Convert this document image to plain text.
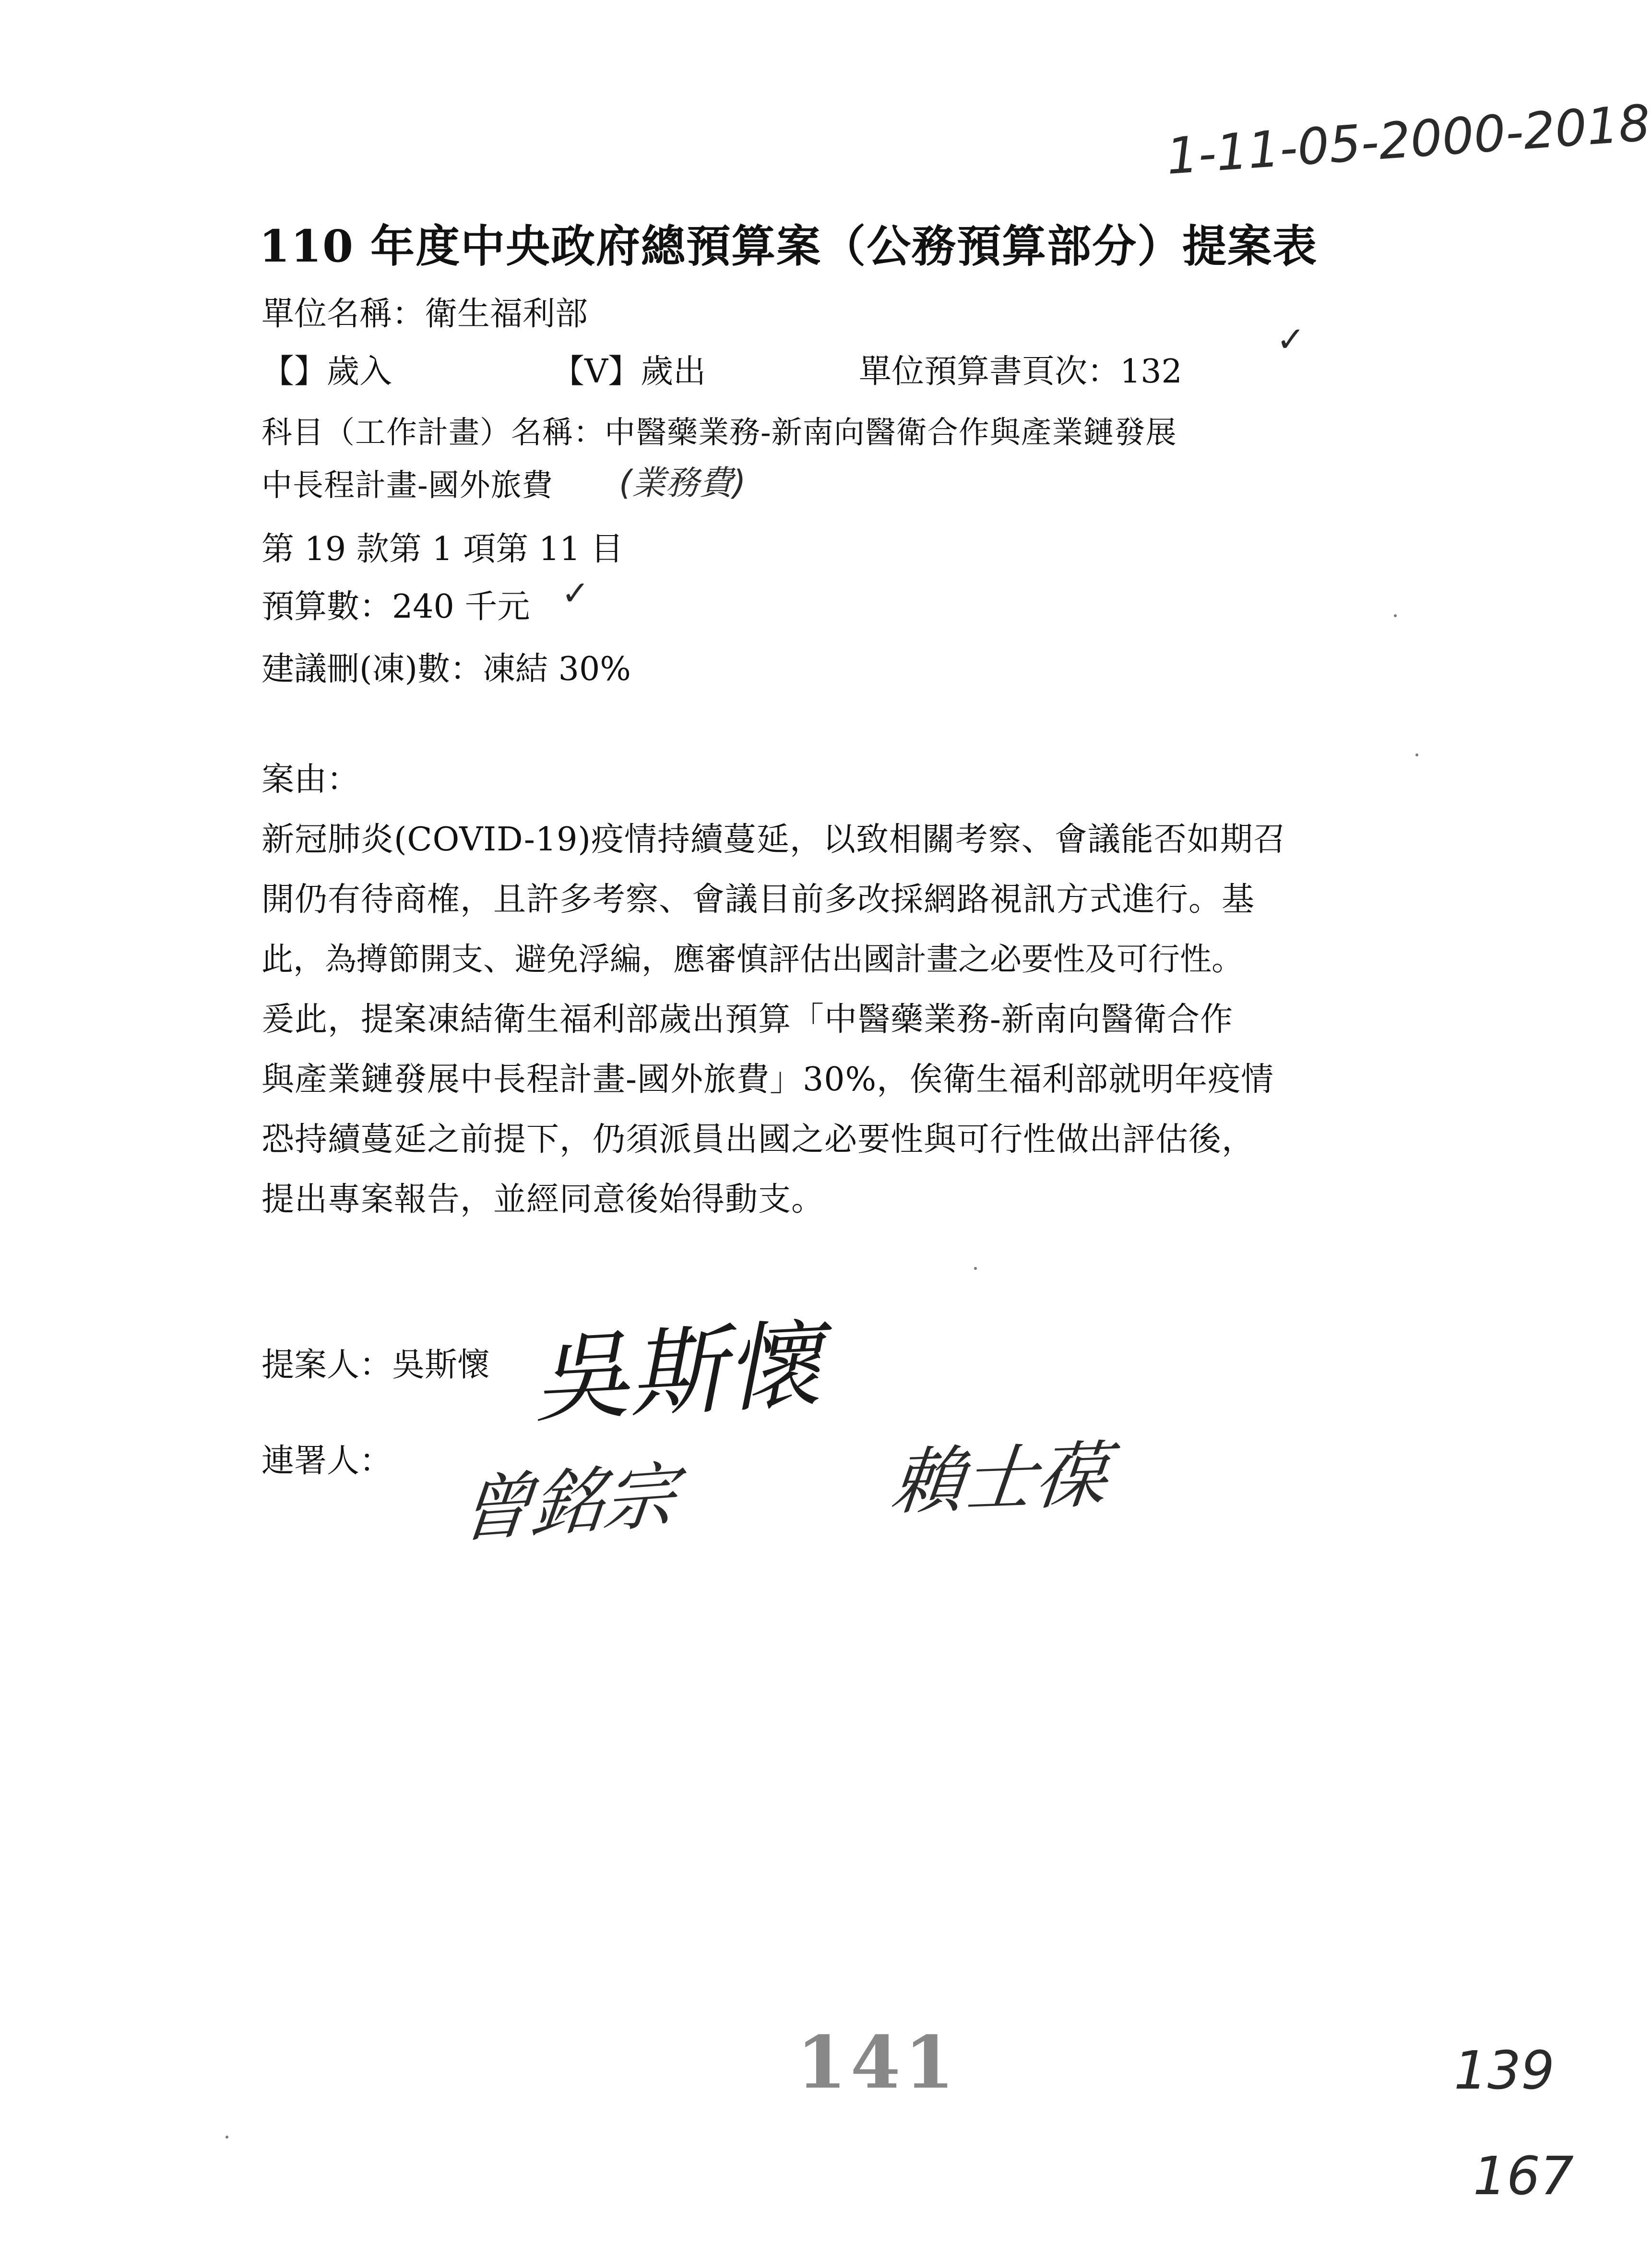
1-11-05-2000-2018
110 年度中央政府總預算案（公務預算部分）提案表
單位名稱：衛生福利部
【】歲入	【V】歲出	單位預算書頁次：132
✓
科目（工作計畫）名稱：中醫藥業務-新南向醫衛合作與產業鏈發展
中長程計畫-國外旅費 (業務費)
第 19 款第 1 項第 11 目
預算數：240 千元 ✓
建議刪(凍)數：凍結 30%
案由：
新冠肺炎(COVID-19)疫情持續蔓延，以致相關考察、會議能否如期召
開仍有待商榷，且許多考察、會議目前多改採網路視訊方式進行。基
此，為撙節開支、避免浮編，應審慎評估出國計畫之必要性及可行性。
爰此，提案凍結衛生福利部歲出預算「中醫藥業務-新南向醫衛合作
與產業鏈發展中長程計畫-國外旅費」30%，俟衛生福利部就明年疫情
恐持續蔓延之前提下，仍須派員出國之必要性與可行性做出評估後，
提出專案報告，並經同意後始得動支。
提案人：吳斯懷 吳斯懷
連署人： 曾銘宗	賴士葆
141	139
167
